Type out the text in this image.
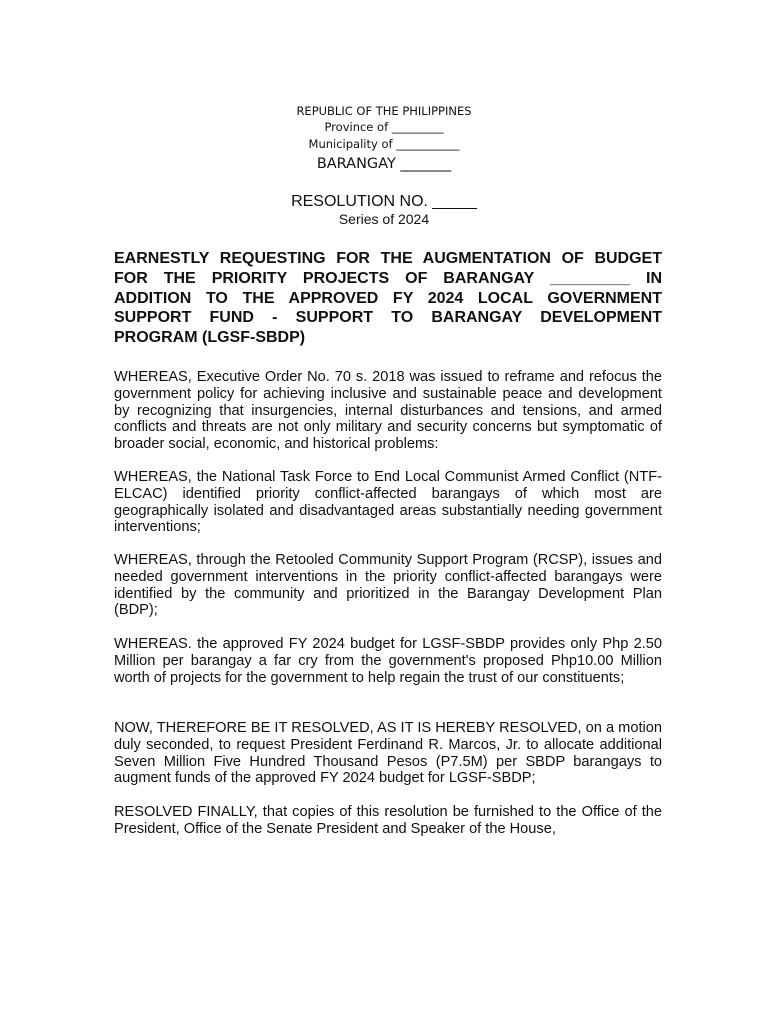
REPUBLIC OF THE PHILIPPINES
Province of _________
Municipality of ___________
BARANGAY _______
RESOLUTION NO. _____
Series of 2024

EARNESTLY REQUESTING FOR THE AUGMENTATION OF BUDGET FOR THE PRIORITY PROJECTS OF BARANGAY _________ IN ADDITION TO THE APPROVED FY 2024 LOCAL GOVERNMENT SUPPORT FUND - SUPPORT TO BARANGAY DEVELOPMENT PROGRAM (LGSF-SBDP)

WHEREAS, Executive Order No. 70 s. 2018 was issued to reframe and refocus the government policy for achieving inclusive and sustainable peace and development by recognizing that insurgencies, internal disturbances and tensions, and armed conflicts and threats are not only military and security concerns but symptomatic of broader social, economic, and historical problems:

WHEREAS, the National Task Force to End Local Communist Armed Conflict (NTF-ELCAC) identified priority conflict-affected barangays of which most are geographically isolated and disadvantaged areas substantially needing government interventions;

WHEREAS, through the Retooled Community Support Program (RCSP), issues and needed government interventions in the priority conflict-affected barangays were identified by the community and prioritized in the Barangay Development Plan (BDP);

WHEREAS. the approved FY 2024 budget for LGSF-SBDP provides only Php 2.50 Million per barangay a far cry from the government's proposed Php10.00 Million worth of projects for the government to help regain the trust of our constituents;

NOW, THEREFORE BE IT RESOLVED, AS IT IS HEREBY RESOLVED, on a motion duly seconded, to request President Ferdinand R. Marcos, Jr. to allocate additional Seven Million Five Hundred Thousand Pesos (P7.5M) per SBDP barangays to augment funds of the approved FY 2024 budget for LGSF-SBDP;

RESOLVED FINALLY, that copies of this resolution be furnished to the Office of the President, Office of the Senate President and Speaker of the House,
